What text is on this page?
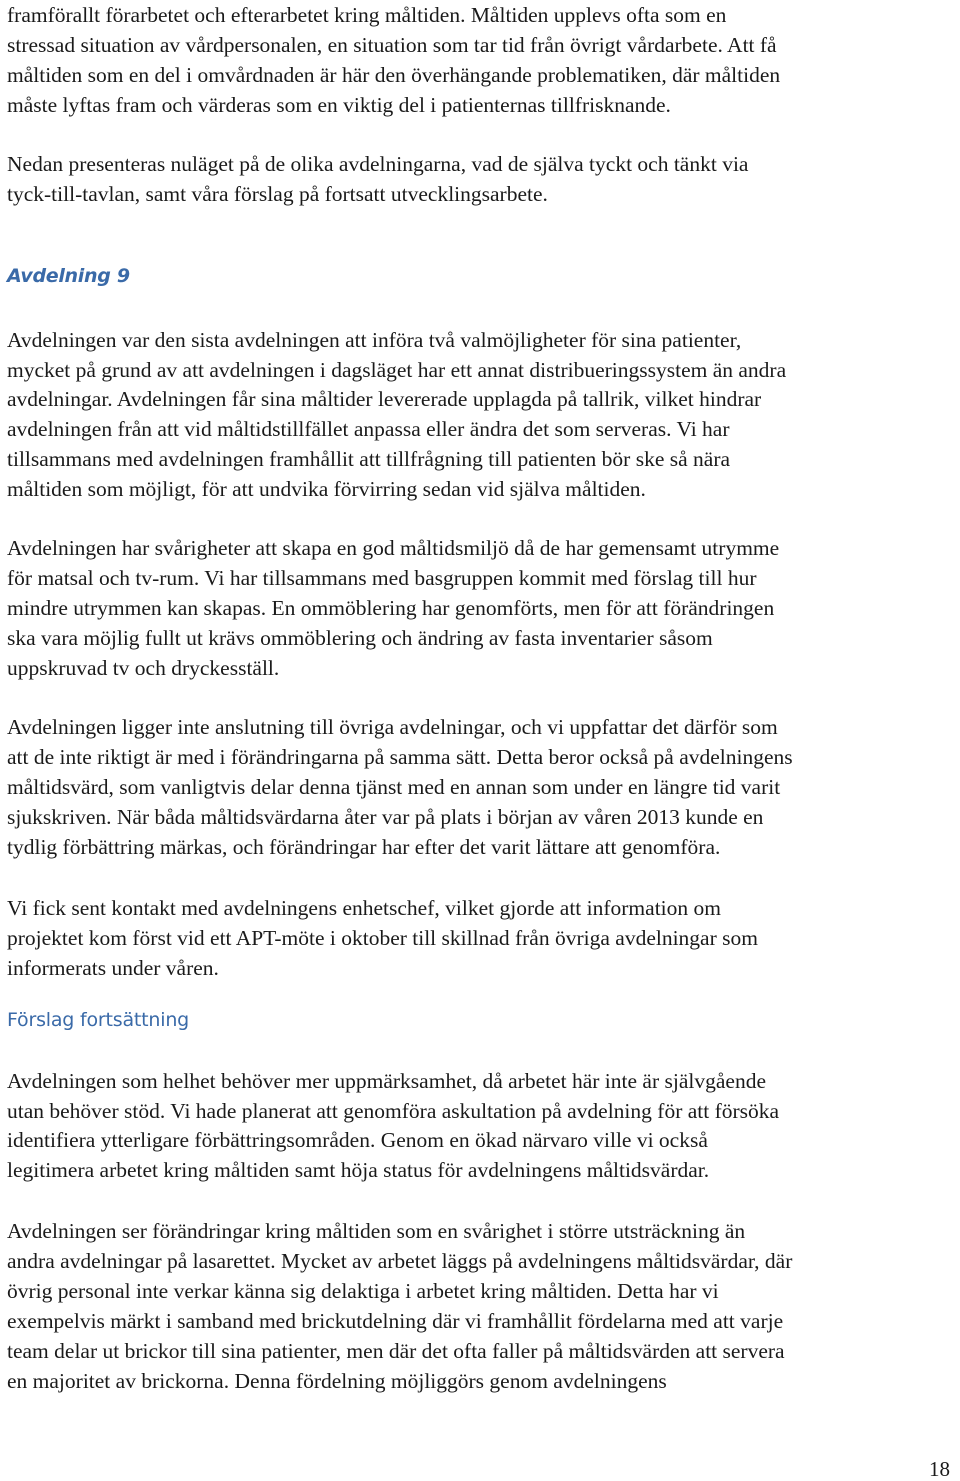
framförallt förarbetet och efterarbetet kring måltiden. Måltiden upplevs ofta som en
stressad situation av vårdpersonalen, en situation som tar tid från övrigt vårdarbete. Att få
måltiden som en del i omvårdnaden är här den överhängande problematiken, där måltiden
måste lyftas fram och värderas som en viktig del i patienternas tillfrisknande.
Nedan presenteras nuläget på de olika avdelningarna, vad de själva tyckt och tänkt via
tyck-till-tavlan, samt våra förslag på fortsatt utvecklingsarbete.
Avdelning 9
Avdelningen var den sista avdelningen att införa två valmöjligheter för sina patienter,
mycket på grund av att avdelningen i dagsläget har ett annat distribueringssystem än andra
avdelningar. Avdelningen får sina måltider levererade upplagda på tallrik, vilket hindrar
avdelningen från att vid måltidstillfället anpassa eller ändra det som serveras. Vi har
tillsammans med avdelningen framhållit att tillfrågning till patienten bör ske så nära
måltiden som möjligt, för att undvika förvirring sedan vid själva måltiden.
Avdelningen har svårigheter att skapa en god måltidsmiljö då de har gemensamt utrymme
för matsal och tv-rum. Vi har tillsammans med basgruppen kommit med förslag till hur
mindre utrymmen kan skapas. En ommöblering har genomförts, men för att förändringen
ska vara möjlig fullt ut krävs ommöblering och ändring av fasta inventarier såsom
uppskruvad tv och dryckesställ.
Avdelningen ligger inte anslutning till övriga avdelningar, och vi uppfattar det därför som
att de inte riktigt är med i förändringarna på samma sätt. Detta beror också på avdelningens
måltidsvärd, som vanligtvis delar denna tjänst med en annan som under en längre tid varit
sjukskriven. När båda måltidsvärdarna åter var på plats i början av våren 2013 kunde en
tydlig förbättring märkas, och förändringar har efter det varit lättare att genomföra.
Vi fick sent kontakt med avdelningens enhetschef, vilket gjorde att information om
projektet kom först vid ett APT-möte i oktober till skillnad från övriga avdelningar som
informerats under våren.
Förslag fortsättning
Avdelningen som helhet behöver mer uppmärksamhet, då arbetet här inte är självgående
utan behöver stöd. Vi hade planerat att genomföra askultation på avdelning för att försöka
identifiera ytterligare förbättringsområden. Genom en ökad närvaro ville vi också
legitimera arbetet kring måltiden samt höja status för avdelningens måltidsvärdar.
Avdelningen ser förändringar kring måltiden som en svårighet i större utsträckning än
andra avdelningar på lasarettet. Mycket av arbetet läggs på avdelningens måltidsvärdar, där
övrig personal inte verkar känna sig delaktiga i arbetet kring måltiden. Detta har vi
exempelvis märkt i samband med brickutdelning där vi framhållit fördelarna med att varje
team delar ut brickor till sina patienter, men där det ofta faller på måltidsvärden att servera
en majoritet av brickorna. Denna fördelning möjliggörs genom avdelningens
18
